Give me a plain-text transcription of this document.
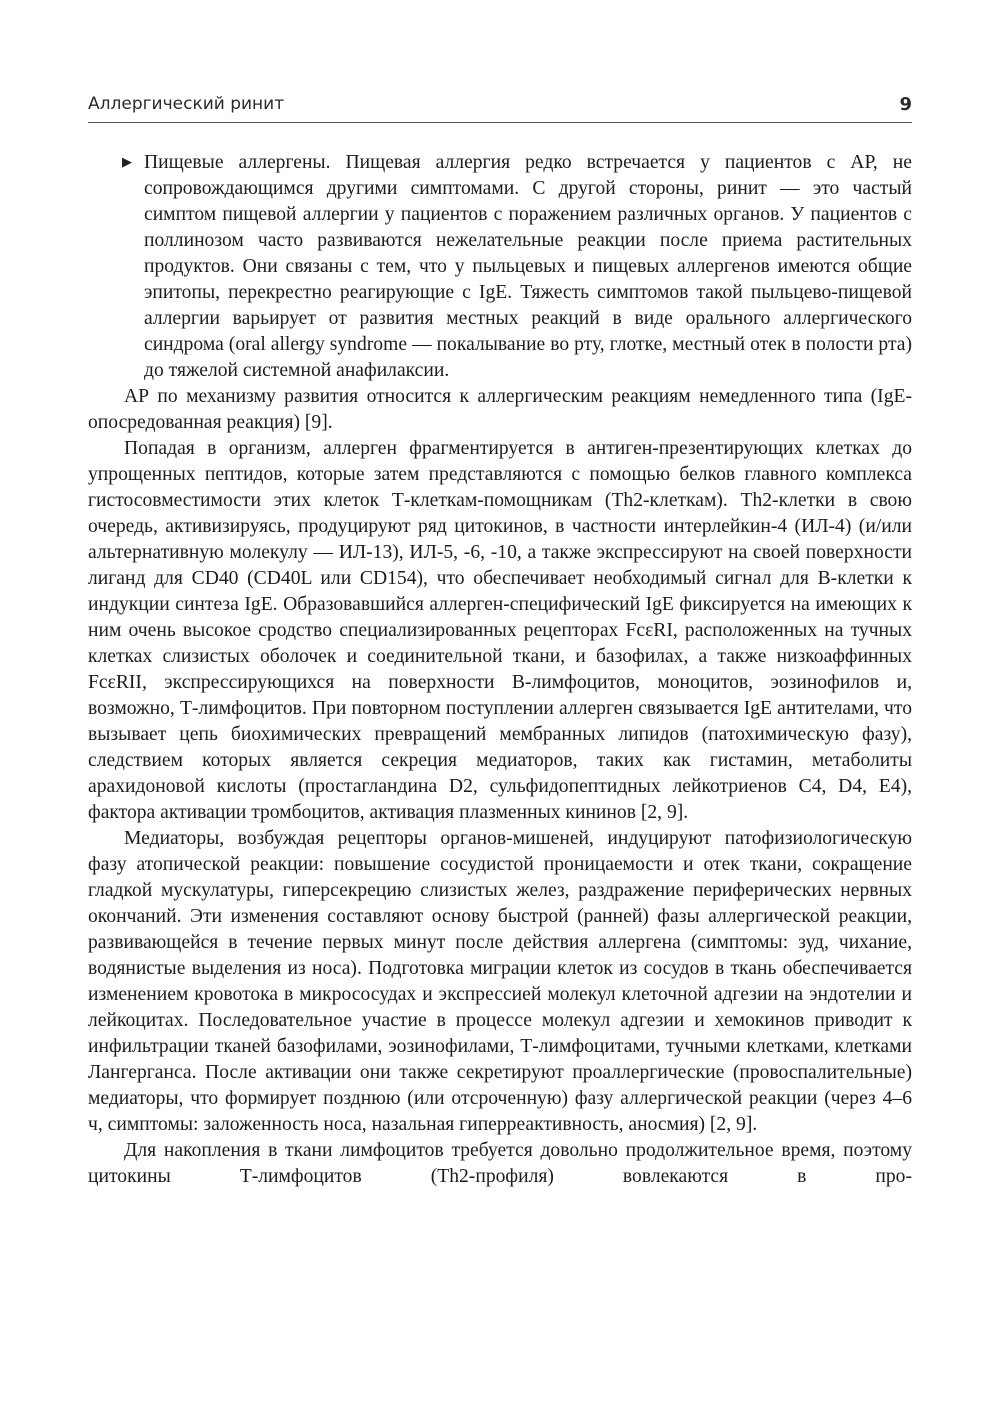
Аллергический ринит	9
▶ Пищевые аллергены. Пищевая аллергия редко встречается у пациентов с АР, не сопровождающимся другими симптомами. С другой стороны, ринит — это частый симптом пищевой аллергии у пациентов с поражением различных органов. У пациентов с поллинозом часто развиваются нежелательные реакции после приема растительных продуктов. Они связаны с тем, что у пыльцевых и пищевых аллергенов имеются общие эпитопы, перекрестно реагирующие с IgE. Тяжесть симптомов такой пыльцево-пищевой аллергии варьирует от развития местных реакций в виде орального аллергического синдрома (oral allergy syndrome — покалывание во рту, глотке, местный отек в полости рта) до тяжелой системной анафилаксии.

АР по механизму развития относится к аллергическим реакциям немедленного типа (IgE-опосредованная реакция) [9].

Попадая в организм, аллерген фрагментируется в антиген-презентирующих клетках до упрощенных пептидов, которые затем представляются с помощью белков главного комплекса гистосовместимости этих клеток Т-клеткам-помощникам (Th2-клеткам). Th2-клетки в свою очередь, активизируясь, продуцируют ряд цитокинов, в частности интерлейкин-4 (ИЛ-4) (и/или альтернативную молекулу — ИЛ-13), ИЛ-5, -6, -10, а также экспрессируют на своей поверхности лиганд для CD40 (CD40L или CD154), что обеспечивает необходимый сигнал для В-клетки к индукции синтеза IgE. Образовавшийся аллерген-специфический IgE фиксируется на имеющих к ним очень высокое сродство специализированных рецепторах FcεRI, расположенных на тучных клетках слизистых оболочек и соединительной ткани, и базофилах, а также низкоаффинных FcεRII, экспрессирующихся на поверхности В-лимфоцитов, моноцитов, эозинофилов и, возможно, Т-лимфоцитов. При повторном поступлении аллерген связывается IgE антителами, что вызывает цепь биохимических превращений мембранных липидов (патохимическую фазу), следствием которых является секреция медиаторов, таких как гистамин, метаболиты арахидоновой кислоты (простагландина D2, сульфидопептидных лейкотриенов С4, D4, E4), фактора активации тромбоцитов, активация плазменных кининов [2, 9].

Медиаторы, возбуждая рецепторы органов-мишеней, индуцируют патофизиологическую фазу атопической реакции: повышение сосудистой проницаемости и отек ткани, сокращение гладкой мускулатуры, гиперсекрецию слизистых желез, раздражение периферических нервных окончаний. Эти изменения составляют основу быстрой (ранней) фазы аллергической реакции, развивающейся в течение первых минут после действия аллергена (симптомы: зуд, чихание, водянистые выделения из носа). Подготовка миграции клеток из сосудов в ткань обеспечивается изменением кровотока в микрососудах и экспрессией молекул клеточной адгезии на эндотелии и лейкоцитах. Последовательное участие в процессе молекул адгезии и хемокинов приводит к инфильтрации тканей базофилами, эозинофилами, Т-лимфоцитами, тучными клетками, клетками Лангерганса. После активации они также секретируют проаллергические (провоспалительные) медиаторы, что формирует позднюю (или отсроченную) фазу аллергической реакции (через 4–6 ч, симптомы: заложенность носа, назальная гиперреактивность, аносмия) [2, 9].

Для накопления в ткани лимфоцитов требуется довольно продолжительное время, поэтому цитокины Т-лимфоцитов (Th2-профиля) вовлекаются в про-
